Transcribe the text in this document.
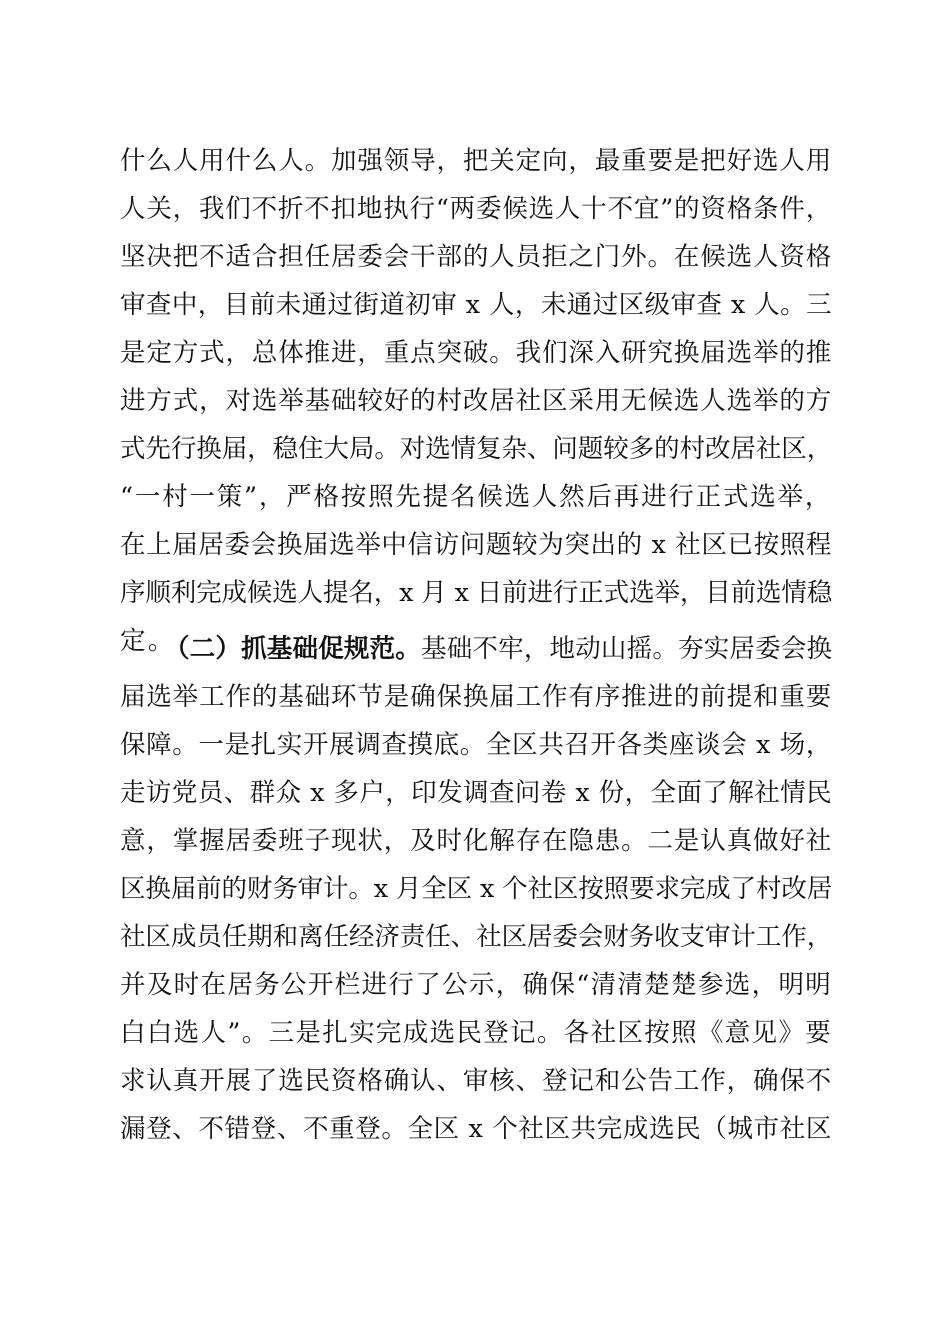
什么人用什么人。加强领导，把关定向，最重要是把好选人用
人关，我们不折不扣地执行“两委候选人十不宜”的资格条件，
坚决把不适合担任居委会干部的人员拒之门外。在候选人资格
审查中，目前未通过街道初审 x 人，未通过区级审查 x 人。三
是定方式，总体推进，重点突破。我们深入研究换届选举的推
进方式，对选举基础较好的村改居社区采用无候选人选举的方
式先行换届，稳住大局。对选情复杂、问题较多的村改居社区，
“一村一策”，严格按照先提名候选人然后再进行正式选举，
在上届居委会换届选举中信访问题较为突出的 x 社区已按照程
序顺利完成候选人提名，x 月 x 日前进行正式选举，目前选情稳
定。
（二）抓基础促规范。基础不牢，地动山摇。夯实居委会换
届选举工作的基础环节是确保换届工作有序推进的前提和重要
保障。一是扎实开展调查摸底。全区共召开各类座谈会 x 场，
走访党员、群众 x 多户，印发调查问卷 x 份，全面了解社情民
意，掌握居委班子现状，及时化解存在隐患。二是认真做好社
区换届前的财务审计。x 月全区 x 个社区按照要求完成了村改居
社区成员任期和离任经济责任、社区居委会财务收支审计工作，
并及时在居务公开栏进行了公示，确保“清清楚楚参选，明明
白白选人”。三是扎实完成选民登记。各社区按照《意见》要
求认真开展了选民资格确认、审核、登记和公告工作，确保不
漏登、不错登、不重登。全区 x 个社区共完成选民（城市社区
